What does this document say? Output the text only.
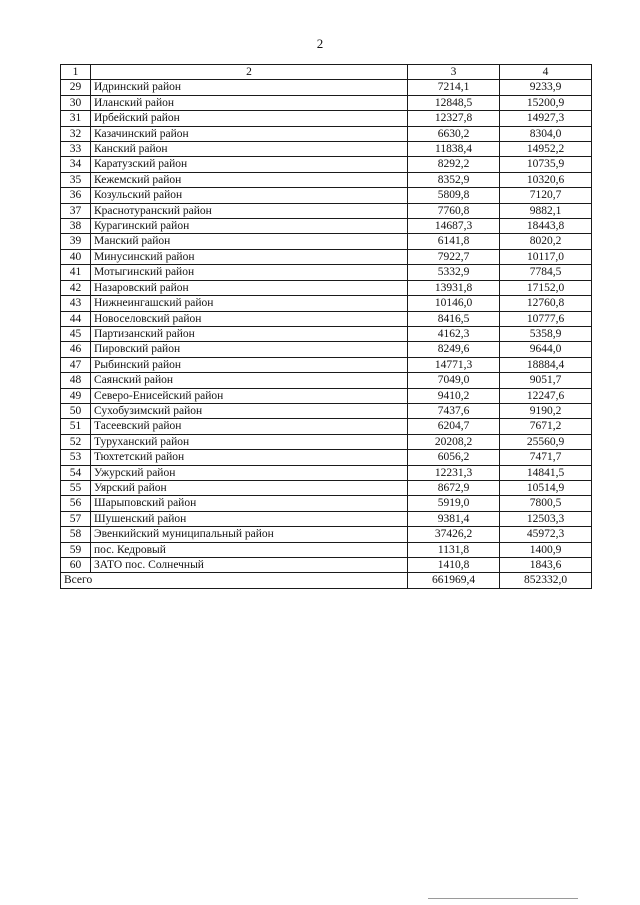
2
1	2	3	4
29	Идринский район	7214,1	9233,9
30	Иланский район	12848,5	15200,9
31	Ирбейский район	12327,8	14927,3
32	Казачинский район	6630,2	8304,0
33	Канский район	11838,4	14952,2
34	Каратузский район	8292,2	10735,9
35	Кежемский район	8352,9	10320,6
36	Козульский район	5809,8	7120,7
37	Краснотуранский район	7760,8	9882,1
38	Курагинский район	14687,3	18443,8
39	Манский район	6141,8	8020,2
40	Минусинский район	7922,7	10117,0
41	Мотыгинский район	5332,9	7784,5
42	Назаровский район	13931,8	17152,0
43	Нижнеингашский район	10146,0	12760,8
44	Новоселовский район	8416,5	10777,6
45	Партизанский район	4162,3	5358,9
46	Пировский район	8249,6	9644,0
47	Рыбинский район	14771,3	18884,4
48	Саянский район	7049,0	9051,7
49	Северо-Енисейский район	9410,2	12247,6
50	Сухобузимский район	7437,6	9190,2
51	Тасеевский район	6204,7	7671,2
52	Туруханский район	20208,2	25560,9
53	Тюхтетский район	6056,2	7471,7
54	Ужурский район	12231,3	14841,5
55	Уярский район	8672,9	10514,9
56	Шарыповский район	5919,0	7800,5
57	Шушенский район	9381,4	12503,3
58	Эвенкийский муниципальный район	37426,2	45972,3
59	пос. Кедровый	1131,8	1400,9
60	ЗАТО пос. Солнечный	1410,8	1843,6
Всего		661969,4	852332,0
